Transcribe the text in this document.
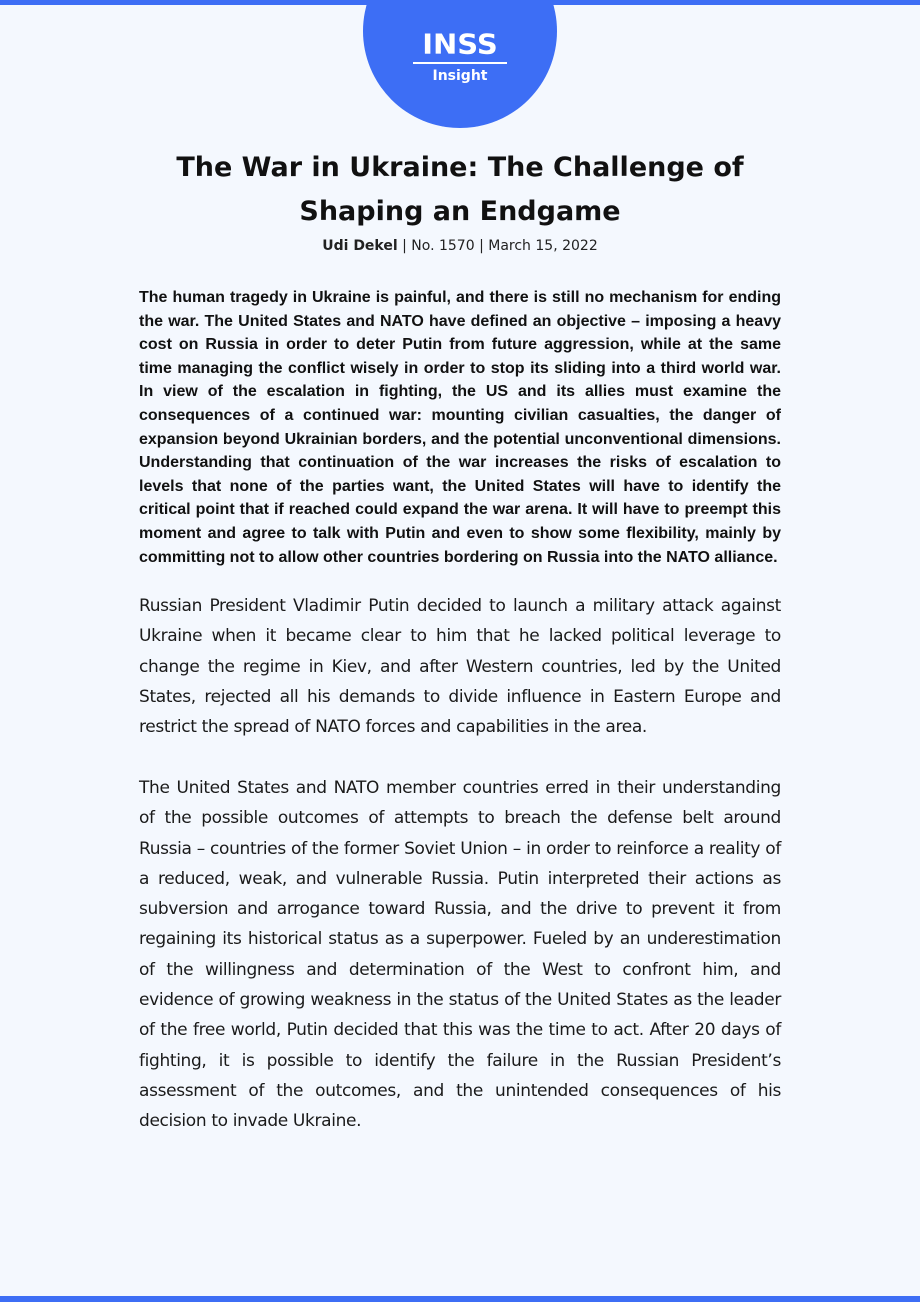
INSS
Insight
The War in Ukraine: The Challenge of Shaping an Endgame

Udi Dekel | No. 1570 | March 15, 2022

The human tragedy in Ukraine is painful, and there is still no mechanism for ending the war. The United States and NATO have defined an objective – imposing a heavy cost on Russia in order to deter Putin from future aggression, while at the same time managing the conflict wisely in order to stop its sliding into a third world war. In view of the escalation in fighting, the US and its allies must examine the consequences of a continued war: mounting civilian casualties, the danger of expansion beyond Ukrainian borders, and the potential unconventional dimensions. Understanding that continuation of the war increases the risks of escalation to levels that none of the parties want, the United States will have to identify the critical point that if reached could expand the war arena. It will have to preempt this moment and agree to talk with Putin and even to show some flexibility, mainly by committing not to allow other countries bordering on Russia into the NATO alliance.

Russian President Vladimir Putin decided to launch a military attack against Ukraine when it became clear to him that he lacked political leverage to change the regime in Kiev, and after Western countries, led by the United States, rejected all his demands to divide influence in Eastern Europe and restrict the spread of NATO forces and capabilities in the area.

The United States and NATO member countries erred in their understanding of the possible outcomes of attempts to breach the defense belt around Russia – countries of the former Soviet Union – in order to reinforce a reality of a reduced, weak, and vulnerable Russia. Putin interpreted their actions as subversion and arrogance toward Russia, and the drive to prevent it from regaining its historical status as a superpower. Fueled by an underestimation of the willingness and determination of the West to confront him, and evidence of growing weakness in the status of the United States as the leader of the free world, Putin decided that this was the time to act. After 20 days of fighting, it is possible to identify the failure in the Russian President’s assessment of the outcomes, and the unintended consequences of his decision to invade Ukraine.
